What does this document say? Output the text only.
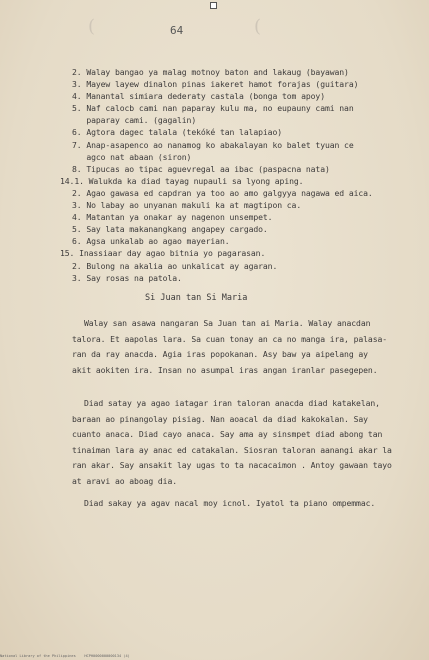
(	(
64
2. Walay bangao ya malag motnoy baton and lakaug (bayawan)
3. Mayew layew dinalon pinas iakeret hamot forajas (guitara)
4. Manantal simiara dederaty castala (bonga tom apoy)
5. Naf calocb cami nan paparay kulu ma, no eupauny cami nan
paparay cami. (gagalin)
6. Agtora dagec talala (tekóké tan lalapiao)
7. Anap-asapenco ao nanamog ko abakalayan ko balet tyuan ce
agco nat abaan (siron)
8. Tipucas ao tipac aguevregal aa ibac (paspacna nata)
14.1. Walukda ka diad tayag nupauli sa lyong aping.
2. Agao gawasa ed capdran ya too ao amo galgyya nagawa ed aica.
3. No labay ao unyanan makuli ka at magtipon ca.
4. Matantan ya onakar ay nagenon unsempet.
5. Say lata makanangkang angapey cargado.
6. Agsa unkalab ao agao mayerian.
15. Inassiaar day agao bitnia yo pagarasan.
2. Bulong na akalia ao unkalicat ay agaran.
3. Say rosas na patola.
Si Juan tan Si Maria
Walay san asawa nangaran Sa Juan tan ai Maria. Walay anacdan
talora. Et aapolas lara. Sa cuan tonay an ca no manga ira, palasa-
ran da ray anacda. Agia iras popokanan. Asy baw ya aipelang ay
akit aokiten ira. Insan no asumpal iras angan iranlar pasegepen.
Diad satay ya agao iatagar iran taloran anacda diad katakelan,
baraan ao pinangolay pisiag. Nan aoacal da diad kakokalan. Say
cuanto anaca. Diad cayo anaca. Say ama ay sinsmpet diad abong tan
tinaiman lara ay anac ed catakalan. Siosran taloran aanangi akar la
ran akar. Say ansakit lay ugas to ta nacacaimon . Antoy gawaan tayo
at aravi ao aboag dia.
Diad sakay ya agav nacal moy icnol. Iyatol ta piano ompemmac.
National Library of the Philippines    HCPH0000000000134 (4)
